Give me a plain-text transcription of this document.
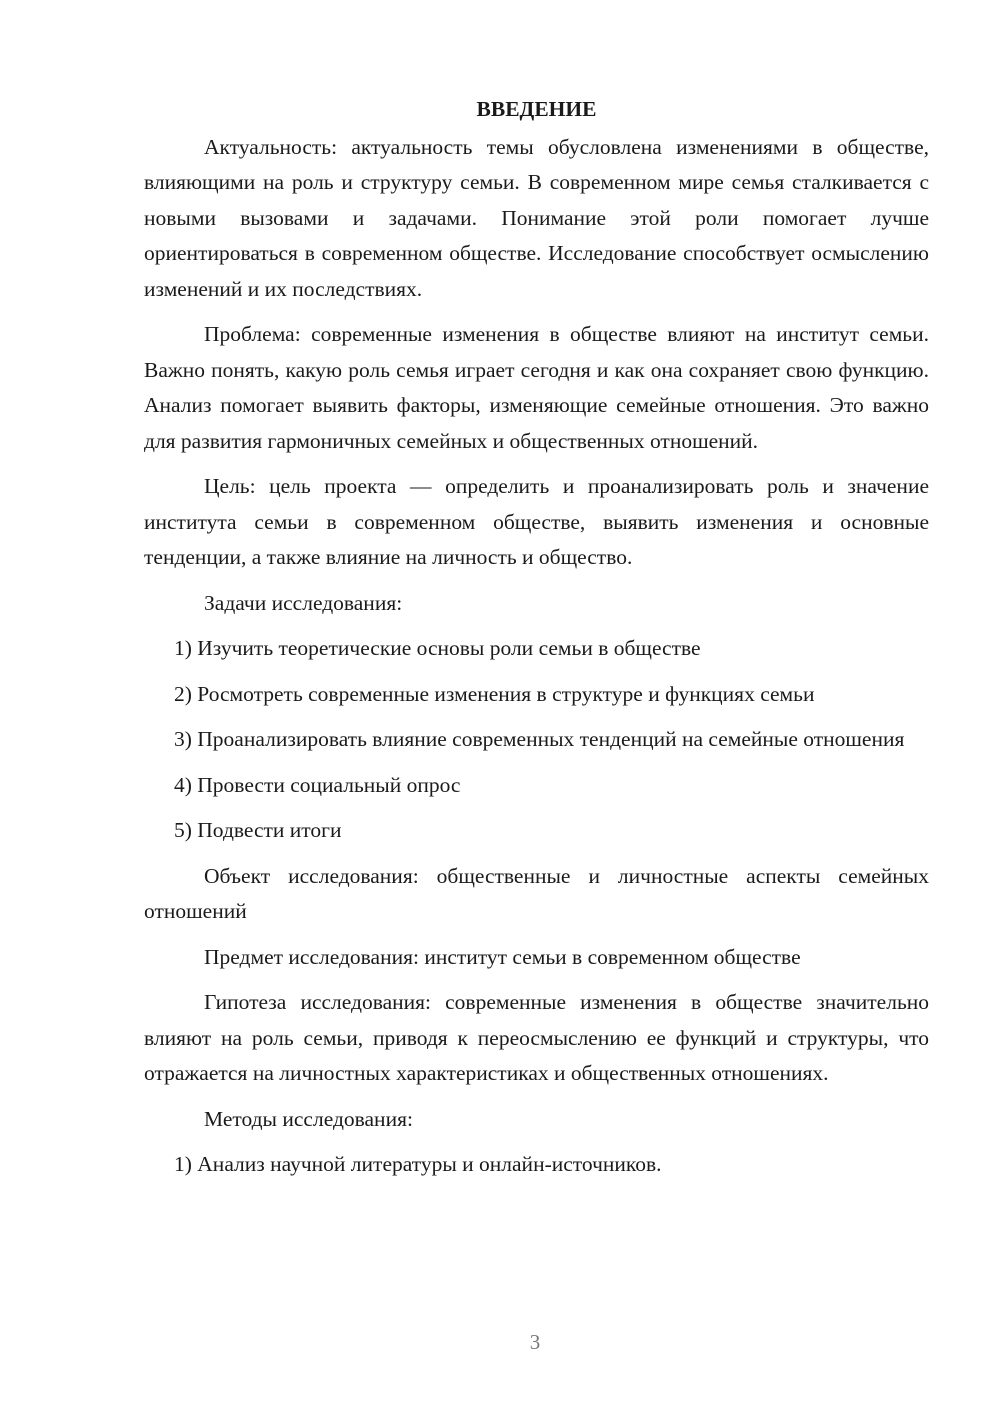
ВВЕДЕНИЕ

Актуальность: актуальность темы обусловлена изменениями в обществе, влияющими на роль и структуру семьи. В современном мире семья сталкивается с новыми вызовами и задачами. Понимание этой роли помогает лучше ориентироваться в современном обществе. Исследование способствует осмыслению изменений и их последствиях.

Проблема: современные изменения в обществе влияют на институт семьи. Важно понять, какую роль семья играет сегодня и как она сохраняет свою функцию. Анализ помогает выявить факторы, изменяющие семейные отношения. Это важно для развития гармоничных семейных и общественных отношений.

Цель: цель проекта — определить и проанализировать роль и значение института семьи в современном обществе, выявить изменения и основные тенденции, а также влияние на личность и общество.

Задачи исследования:

1) Изучить теоретические основы роли семьи в обществе

2) Росмотреть современные изменения в структуре и функциях семьи

3) Проанализировать влияние современных тенденций на семейные отношения

4) Провести социальный опрос

5) Подвести итоги

Объект исследования: общественные и личностные аспекты семейных отношений

Предмет исследования: институт семьи в современном обществе

Гипотеза исследования: современные изменения в обществе значительно влияют на роль семьи, приводя к переосмыслению ее функций и структуры, что отражается на личностных характеристиках и общественных отношениях.

Методы исследования:

1) Анализ научной литературы и онлайн-источников.

3
